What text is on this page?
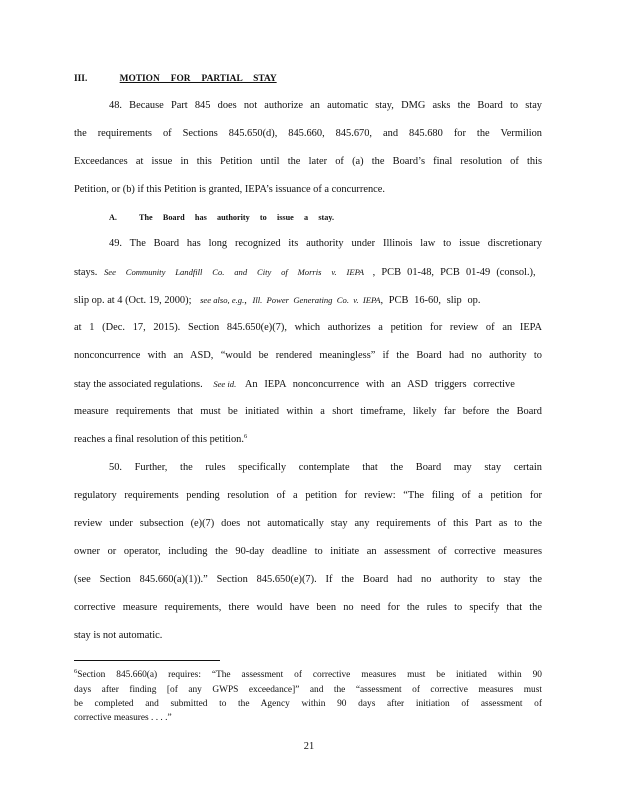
III.	MOTION FOR PARTIAL STAY
48. Because Part 845 does not authorize an automatic stay, DMG asks the Board to stay
the requirements of Sections 845.650(d), 845.660, 845.670, and 845.680 for the Vermilion
Exceedances at issue in this Petition until the later of (a) the Board’s final resolution of this
Petition, or (b) if this Petition is granted, IEPA’s issuance of a concurrence.
A.	The Board has authority to issue a stay.
49. The Board has long recognized its authority under Illinois law to issue discretionary
stays. See Community Landfill Co. and City of Morris v. IEPA , PCB 01-48, PCB 01-49 (consol.),
slip op. at 4 (Oct. 19, 2000); see also, e.g., Ill. Power Generating Co. v. IEPA, PCB 16-60, slip op.
at 1 (Dec. 17, 2015). Section 845.650(e)(7), which authorizes a petition for review of an IEPA
nonconcurrence with an ASD, “would be rendered meaningless” if the Board had no authority to
stay the associated regulations. See id. An IEPA nonconcurrence with an ASD triggers corrective
measure requirements that must be initiated within a short timeframe, likely far before the Board
reaches a final resolution of this petition.$^6$
50. Further, the rules specifically contemplate that the Board may stay certain
regulatory requirements pending resolution of a petition for review: “The filing of a petition for
review under subsection (e)(7) does not automatically stay any requirements of this Part as to the
owner or operator, including the 90-day deadline to initiate an assessment of corrective measures
(see Section 845.660(a)(1)).” Section 845.650(e)(7). If the Board had no authority to stay the
corrective measure requirements, there would have been no need for the rules to specify that the
stay is not automatic.
$^6$Section 845.660(a) requires: “The assessment of corrective measures must be initiated within 90
days after finding [of any GWPS exceedance]” and the “assessment of corrective measures must
be completed and submitted to the Agency within 90 days after initiation of assessment of
corrective measures . . . .”
21
